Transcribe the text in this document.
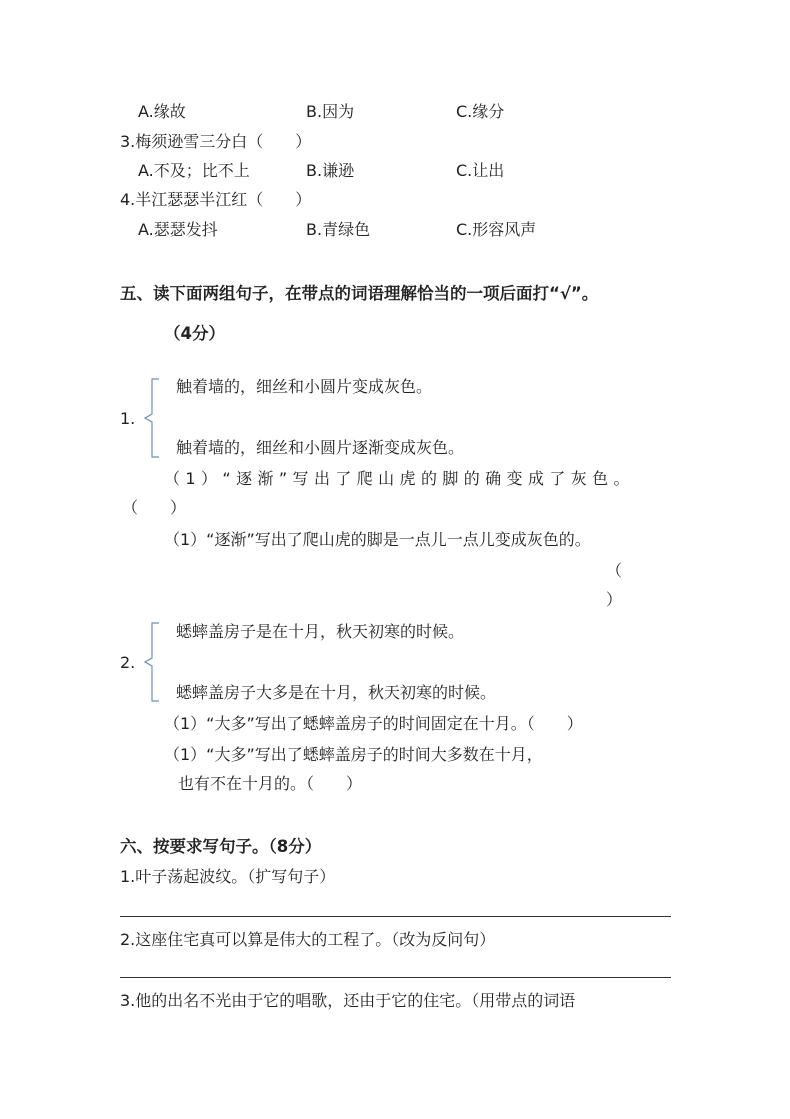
A.缘故	B.因为	C.缘分
3.梅须逊雪三分白（　　）
A.不及；比不上	B.谦逊	C.让出
4.半江瑟瑟半江红（　　）
A.瑟瑟发抖	B.青绿色	C.形容风声
五、读下面两组句子，在带点的词语理解恰当的一项后面打“√”。
（4分）
1.
触着墙的，细丝和小圆片变成灰色。
触着墙的，细丝和小圆片逐渐变成灰色。
（1）“逐渐”写出了爬山虎的脚的确变成了灰色。
（　　）
（1）“逐渐”写出了爬山虎的脚是一点儿一点儿变成灰色的。
（
）
2.
蟋蟀盖房子是在十月，秋天初寒的时候。
蟋蟀盖房子大多是在十月，秋天初寒的时候。
（1）“大多”写出了蟋蟀盖房子的时间固定在十月。（　　）
（1）“大多”写出了蟋蟀盖房子的时间大多数在十月，
也有不在十月的。（　　）
六、按要求写句子。（8分）
1.叶子荡起波纹。（扩写句子）
2.这座住宅真可以算是伟大的工程了。（改为反问句）
3.他的出名不光由于它的唱歌，还由于它的住宅。（用带点的词语
